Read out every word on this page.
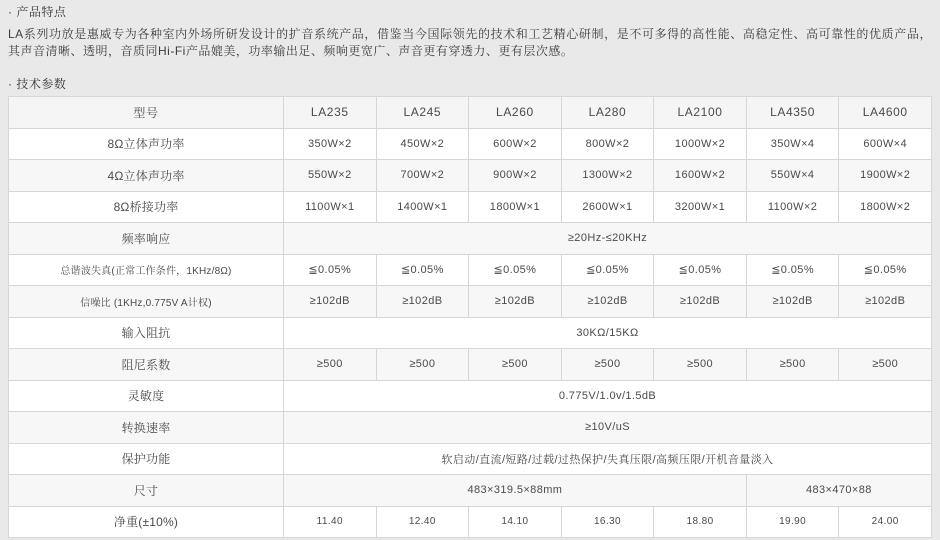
· 产品特点
LA系列功放是惠威专为各种室内外场所研发设计的扩音系统产品，借鉴当今国际领先的技术和工艺精心研制，是不可多得的高性能、高稳定性、高可靠性的优质产品，其声音清晰、透明，音质同Hi-Fi产品媲美，功率输出足、频响更宽广、声音更有穿透力、更有层次感。
· 技术参数
型号	LA235	LA245	LA260	LA280	LA2100	LA4350	LA4600
8Ω立体声功率	350W×2	450W×2	600W×2	800W×2	1000W×2	350W×4	600W×4
4Ω立体声功率	550W×2	700W×2	900W×2	1300W×2	1600W×2	550W×4	1900W×2
8Ω桥接功率	1100W×1	1400W×1	1800W×1	2600W×1	3200W×1	1100W×2	1800W×2
频率响应	≥20Hz-≤20KHz						
总谐波失真(正常工作条件，1KHz/8Ω)	≦0.05%	≦0.05%	≦0.05%	≦0.05%	≦0.05%	≦0.05%	≦0.05%
信噪比 (1KHz,0.775V A计权)	≥102dB	≥102dB	≥102dB	≥102dB	≥102dB	≥102dB	≥102dB
输入阻抗	30KΩ/15KΩ						
阻尼系数	≥500	≥500	≥500	≥500	≥500	≥500	≥500
灵敏度	0.775V/1.0v/1.5dB						
转换速率	≥10V/uS						
保护功能	软启动/直流/短路/过载/过热保护/失真压限/高频压限/开机音量淡入						
尺寸	483×319.5×88mm					483×470×88	
净重(±10%)	11.40	12.40	14.10	16.30	18.80	19.90	24.00
